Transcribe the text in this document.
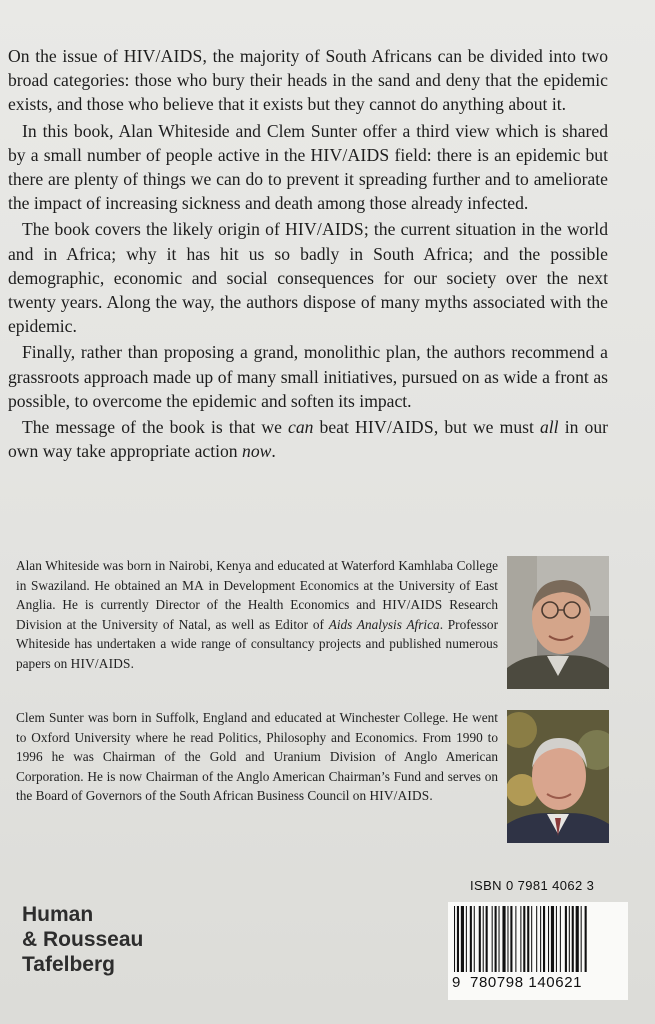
On the issue of HIV/AIDS, the majority of South Africans can be divided into two broad categories: those who bury their heads in the sand and deny that the epidemic exists, and those who believe that it exists but they cannot do anything about it.

In this book, Alan Whiteside and Clem Sunter offer a third view which is shared by a small number of people active in the HIV/AIDS field: there is an epidemic but there are plenty of things we can do to prevent it spreading further and to ameliorate the impact of increasing sickness and death among those already infected.

The book covers the likely origin of HIV/AIDS; the current situation in the world and in Africa; why it has hit us so badly in South Africa; and the possible demographic, economic and social consequences for our society over the next twenty years. Along the way, the authors dispose of many myths associated with the epidemic.

Finally, rather than proposing a grand, monolithic plan, the authors recommend a grassroots approach made up of many small initiatives, pursued on as wide a front as possible, to overcome the epidemic and soften its impact.

The message of the book is that we can beat HIV/AIDS, but we must all in our own way take appropriate action now.

Alan Whiteside was born in Nairobi, Kenya and educated at Waterford Kamhlaba College in Swaziland. He obtained an MA in Development Economics at the University of East Anglia. He is currently Director of the Health Economics and HIV/AIDS Research Division at the University of Natal, as well as Editor of Aids Analysis Africa. Professor Whiteside has undertaken a wide range of consultancy projects and published numerous papers on HIV/AIDS.
Clem Sunter was born in Suffolk, England and educated at Winchester College. He went to Oxford University where he read Politics, Philosophy and Economics. From 1990 to 1996 he was Chairman of the Gold and Uranium Division of Anglo American Corporation. He is now Chairman of the Anglo American Chairman’s Fund and serves on the Board of Governors of the South African Business Council on HIV/AIDS.
ISBN 0 7981 4062 3
9 780798 140621
Human
& Rousseau
Tafelberg
